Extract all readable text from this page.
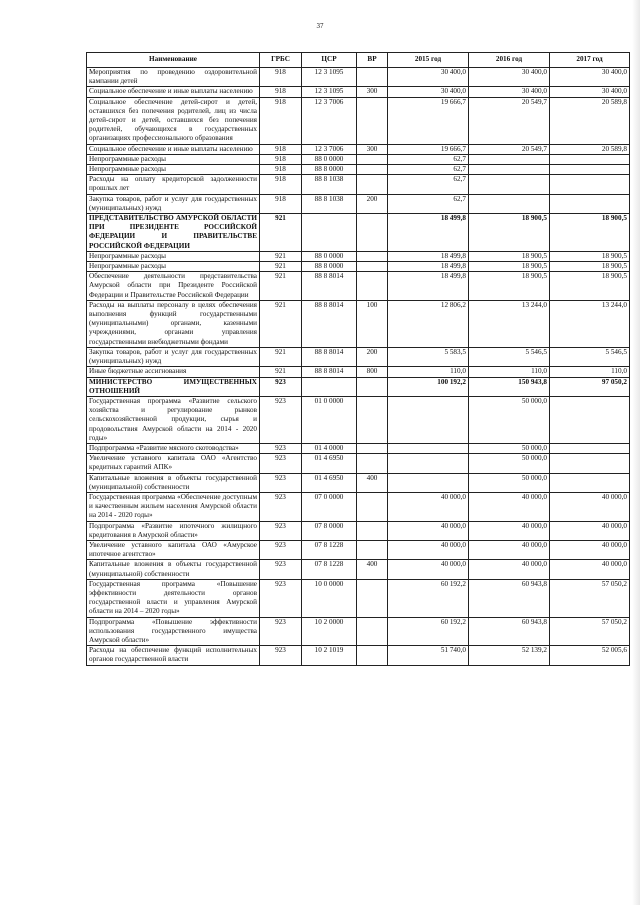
37
Наименование	ГРБС	ЦСР	ВР	2015 год	2016 год	2017 год
Мероприятия по проведению оздоровительной кампании детей	918	12 3 1095		30 400,0	30 400,0	30 400,0
Социальное обеспечение и иные выплаты населению	918	12 3 1095	300	30 400,0	30 400,0	30 400,0
Социальное обеспечение детей-сирот и детей, оставшихся без попечения родителей, лиц из числа детей-сирот и детей, оставшихся без попечения родителей, обучающихся в государственных организациях профессионального образования	918	12 3 7006		19 666,7	20 549,7	20 589,8
Социальное обеспечение и иные выплаты населению	918	12 3 7006	300	19 666,7	20 549,7	20 589,8
Непрограммные расходы	918	88 0 0000		62,7		
Непрограммные расходы	918	88 8 0000		62,7		
Расходы на оплату кредиторской задолженности прошлых лет	918	88 8 1038		62,7		
Закупка товаров, работ и услуг для государственных (муниципальных) нужд	918	88 8 1038	200	62,7		
ПРЕДСТАВИТЕЛЬСТВО АМУРСКОЙ ОБЛАСТИ ПРИ ПРЕЗИДЕНТЕ РОССИЙСКОЙ ФЕДЕРАЦИИ И ПРАВИТЕЛЬСТВЕ РОССИЙСКОЙ ФЕДЕРАЦИИ	921			18 499,8	18 900,5	18 900,5
Непрограммные расходы	921	88 0 0000		18 499,8	18 900,5	18 900,5
Непрограммные расходы	921	88 8 0000		18 499,8	18 900,5	18 900,5
Обеспечение деятельности представительства Амурской области при Президенте Российской Федерации и Правительстве Российской Федерации	921	88 8 8014		18 499,8	18 900,5	18 900,5
Расходы на выплаты персоналу в целях обеспечения выполнения функций государственными (муниципальными) органами, казенными учреждениями, органами управления государственными внебюджетными фондами	921	88 8 8014	100	12 806,2	13 244,0	13 244,0
Закупка товаров, работ и услуг для государственных (муниципальных) нужд	921	88 8 8014	200	5 583,5	5 546,5	5 546,5
Иные бюджетные ассигнования	921	88 8 8014	800	110,0	110,0	110,0
МИНИСТЕРСТВО ИМУЩЕСТВЕННЫХ ОТНОШЕНИЙ	923			100 192,2	150 943,8	97 050,2
Государственная программа «Развитие сельского хозяйства и регулирование рынков сельскохозяйственной продукции, сырья и продовольствия Амурской области на 2014 - 2020 годы»	923	01 0 0000			50 000,0	
Подпрограмма «Развитие мясного скотоводства»	923	01 4 0000			50 000,0	
Увеличение уставного капитала ОАО «Агентство кредитных гарантий АПК»	923	01 4 6950			50 000,0	
Капитальные вложения в объекты государственной (муниципальной) собственности	923	01 4 6950	400		50 000,0	
Государственная программа «Обеспечение доступным и качественным жильем населения Амурской области на 2014 - 2020 годы»	923	07 0 0000		40 000,0	40 000,0	40 000,0
Подпрограмма «Развитие ипотечного жилищного кредитования в Амурской области»	923	07 8 0000		40 000,0	40 000,0	40 000,0
Увеличение уставного капитала ОАО «Амурское ипотечное агентство»	923	07 8 1228		40 000,0	40 000,0	40 000,0
Капитальные вложения в объекты государственной (муниципальной) собственности	923	07 8 1228	400	40 000,0	40 000,0	40 000,0
Государственная программа «Повышение эффективности деятельности органов государственной власти и управления Амурской области на 2014 – 2020 годы»	923	10 0 0000		60 192,2	60 943,8	57 050,2
Подпрограмма «Повышение эффективности использования государственного имущества Амурской области»	923	10 2 0000		60 192,2	60 943,8	57 050,2
Расходы на обеспечение функций исполнительных органов государственной власти	923	10 2 1019		51 740,0	52 139,2	52 005,6
